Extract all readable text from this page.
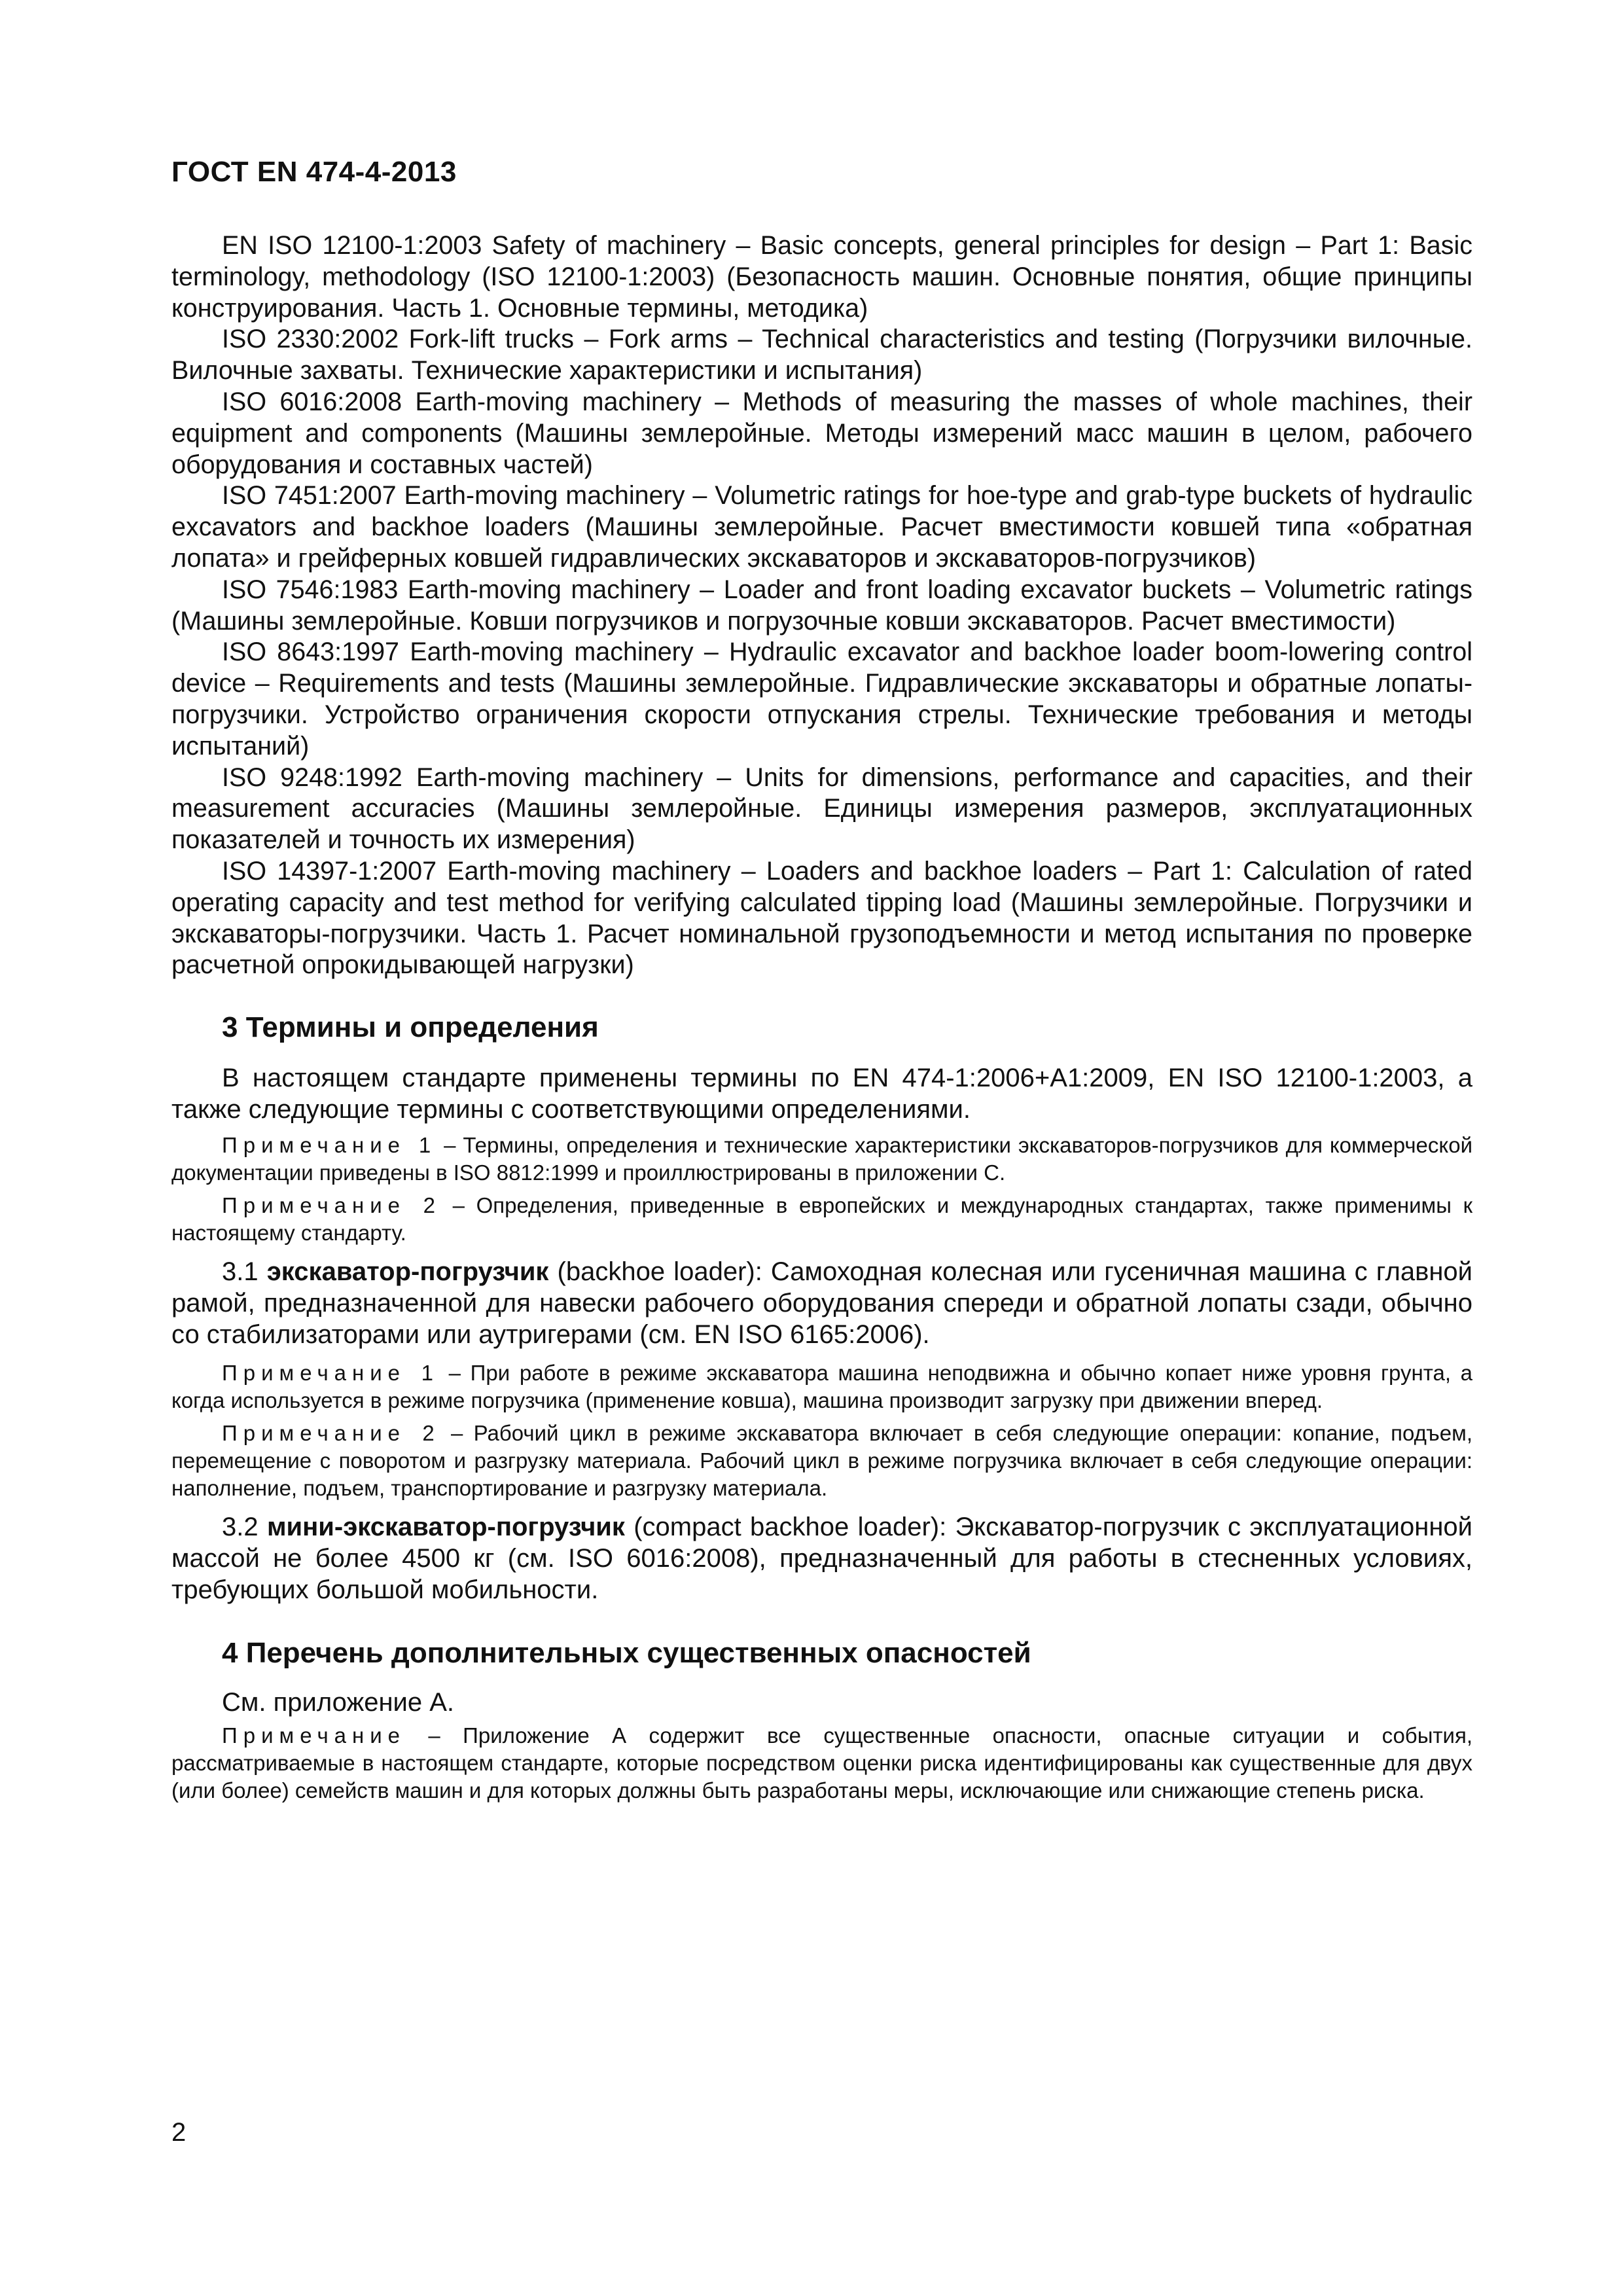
ГОСТ EN 474-4-2013

EN ISO 12100-1:2003 Safety of machinery – Basic concepts, general principles for design – Part 1: Basic terminology, methodology (ISO 12100-1:2003) (Безопасность машин. Основные понятия, общие принципы конструирования. Часть 1. Основные термины, методика)

ISO 2330:2002 Fork-lift trucks – Fork arms – Technical characteristics and testing (Погрузчики вилочные. Вилочные захваты. Технические характеристики и испытания)

ISO 6016:2008 Earth-moving machinery – Methods of measuring the masses of whole machines, their equipment and components (Машины землеройные. Методы измерений масс машин в целом, рабочего оборудования и составных частей)

ISO 7451:2007 Earth-moving machinery – Volumetric ratings for hoe-type and grab-type buckets of hydraulic excavators and backhoe loaders (Машины землеройные. Расчет вместимости ковшей типа «обратная лопата» и грейферных ковшей гидравлических экскаваторов и экскаваторов-погрузчиков)

ISO 7546:1983 Earth-moving machinery – Loader and front loading excavator buckets – Volumetric ratings (Машины землеройные. Ковши погрузчиков и погрузочные ковши экскаваторов. Расчет вместимости)

ISO 8643:1997 Earth-moving machinery – Hydraulic excavator and backhoe loader boom-lowering control device – Requirements and tests (Машины землеройные. Гидравлические экскаваторы и обратные лопаты-погрузчики. Устройство ограничения скорости отпускания стрелы. Технические требования и методы испытаний)

ISO 9248:1992 Earth-moving machinery – Units for dimensions, performance and capacities, and their measurement accuracies (Машины землеройные. Единицы измерения размеров, эксплуатационных показателей и точность их измерения)

ISO 14397-1:2007 Earth-moving machinery – Loaders and backhoe loaders – Part 1: Calculation of rated operating capacity and test method for verifying calculated tipping load (Машины землеройные. Погрузчики и экскаваторы-погрузчики. Часть 1. Расчет номинальной грузоподъемности и метод испытания по проверке расчетной опрокидывающей нагрузки)

3 Термины и определения

В настоящем стандарте применены термины по EN 474-1:2006+A1:2009, EN ISO 12100-1:2003, а также следующие термины с соответствующими определениями.

Примечание 1 – Термины, определения и технические характеристики экскаваторов-погрузчиков для коммерческой документации приведены в ISO 8812:1999 и проиллюстрированы в приложении С.

Примечание 2 – Определения, приведенные в европейских и международных стандартах, также применимы к настоящему стандарту.

3.1 экскаватор-погрузчик (backhoe loader): Самоходная колесная или гусеничная машина с главной рамой, предназначенной для навески рабочего оборудования спереди и обратной лопаты сзади, обычно со стабилизаторами или аутригерами (см. EN ISO 6165:2006).

Примечание 1 – При работе в режиме экскаватора машина неподвижна и обычно копает ниже уровня грунта, а когда используется в режиме погрузчика (применение ковша), машина производит загрузку при движении вперед.

Примечание 2 – Рабочий цикл в режиме экскаватора включает в себя следующие операции: копание, подъем, перемещение с поворотом и разгрузку материала. Рабочий цикл в режиме погрузчика включает в себя следующие операции: наполнение, подъем, транспортирование и разгрузку материала.

3.2 мини-экскаватор-погрузчик (compact backhoe loader): Экскаватор-погрузчик с эксплуатационной массой не более 4500 кг (см. ISO 6016:2008), предназначенный для работы в стесненных условиях, требующих большой мобильности.

4 Перечень дополнительных существенных опасностей

См. приложение А.

Примечание – Приложение А содержит все существенные опасности, опасные ситуации и события, рассматриваемые в настоящем стандарте, которые посредством оценки риска идентифицированы как существенные для двух (или более) семейств машин и для которых должны быть разработаны меры, исключающие или снижающие степень риска.

2
